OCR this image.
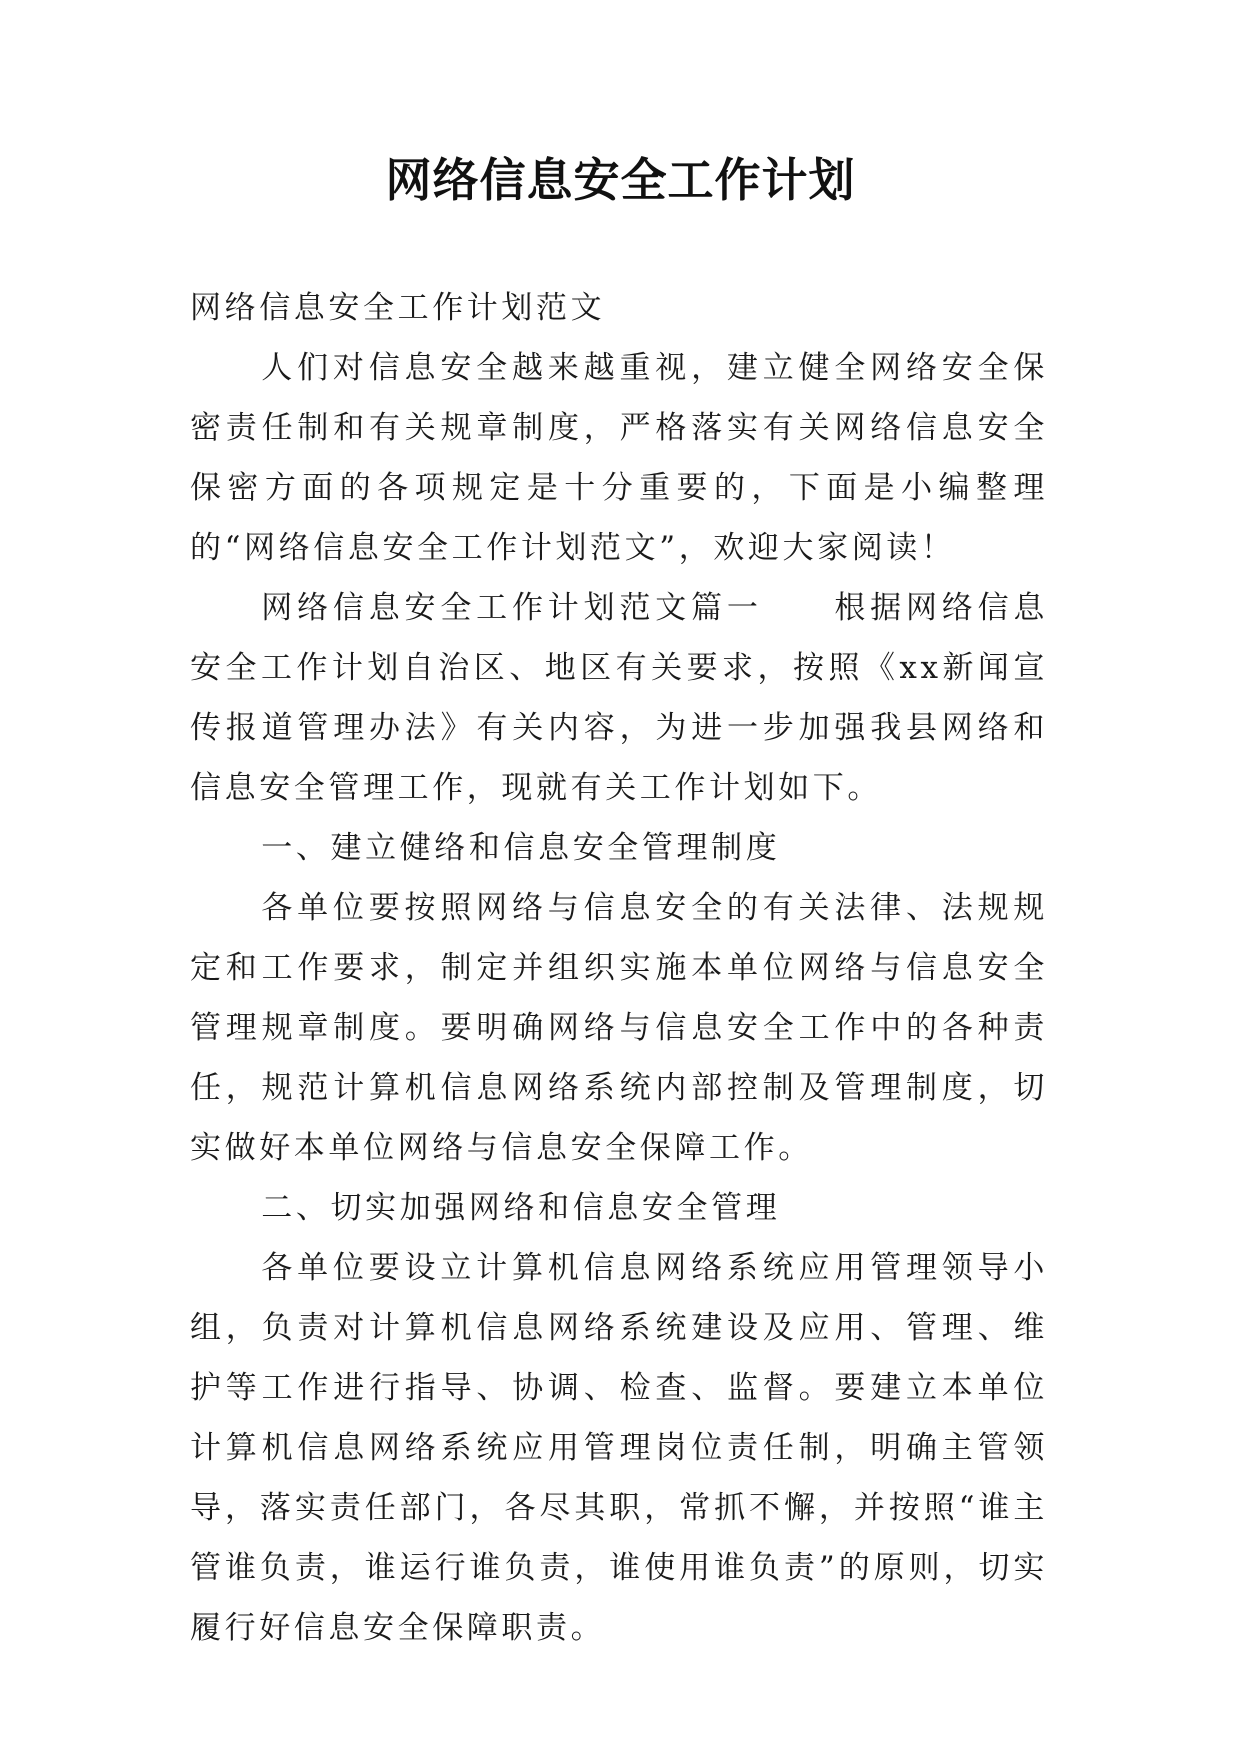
网络信息安全工作计划

网络信息安全工作计划范文

人们对信息安全越来越重视，建立健全网络安全保密责任制和有关规章制度，严格落实有关网络信息安全保密方面的各项规定是十分重要的，下面是小编整理的“网络信息安全工作计划范文”，欢迎大家阅读！

网络信息安全工作计划范文篇一　　根据网络信息安全工作计划自治区、地区有关要求，按照《xx新闻宣传报道管理办法》有关内容，为进一步加强我县网络和信息安全管理工作，现就有关工作计划如下。

一、建立健络和信息安全管理制度

各单位要按照网络与信息安全的有关法律、法规规定和工作要求，制定并组织实施本单位网络与信息安全管理规章制度。要明确网络与信息安全工作中的各种责任，规范计算机信息网络系统内部控制及管理制度，切实做好本单位网络与信息安全保障工作。

二、切实加强网络和信息安全管理

各单位要设立计算机信息网络系统应用管理领导小组，负责对计算机信息网络系统建设及应用、管理、维护等工作进行指导、协调、检查、监督。要建立本单位计算机信息网络系统应用管理岗位责任制，明确主管领导，落实责任部门，各尽其职，常抓不懈，并按照“谁主管谁负责，谁运行谁负责，谁使用谁负责”的原则，切实履行好信息安全保障职责。
